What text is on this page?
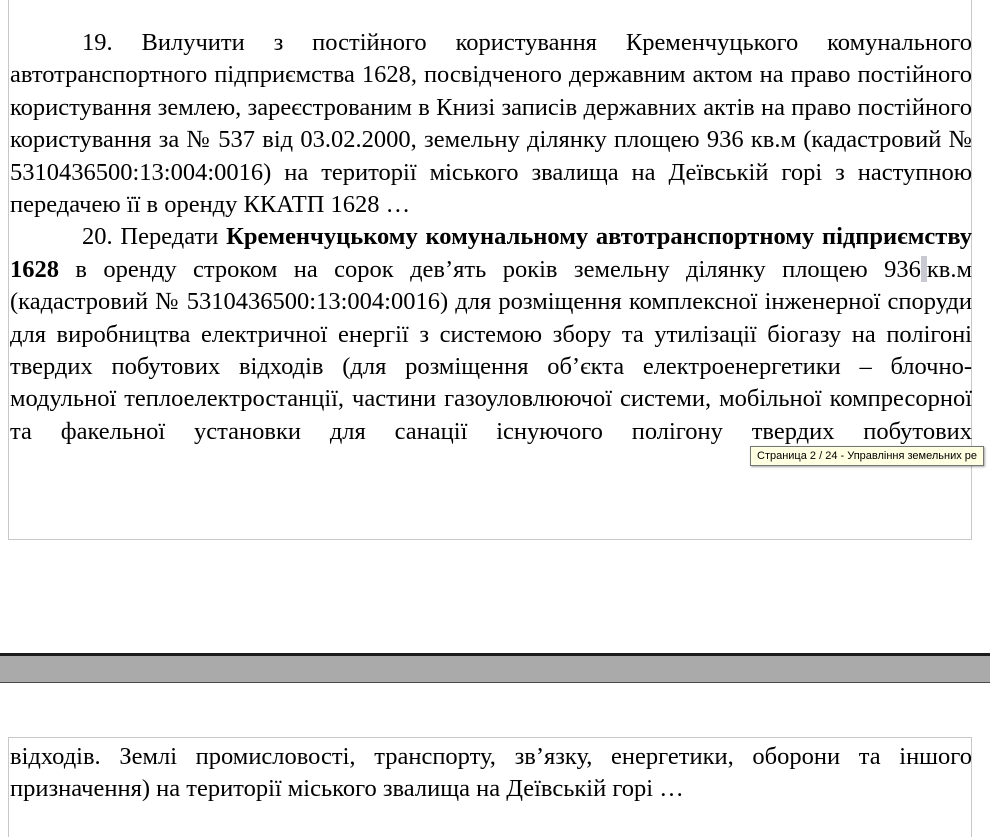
19. Вилучити з постійного користування Кременчуцького комунального автотранспортного підприємства 1628, посвідченого державним актом на право постійного користування землею, зареєстрованим в Книзі записів державних актів на право постійного користування за № 537 від 03.02.2000, земельну ділянку площею 936 кв.м (кадастровий № 5310436500:13:004:0016) на території міського звалища на Деївській горі з наступною передачею її в оренду ККАТП 1628 …

20. Передати Кременчуцькому комунальному автотранспортному підприємству 1628 в оренду строком на сорок дев’ять років земельну ділянку площею 936 кв.м (кадастровий № 5310436500:13:004:0016) для розміщення комплексної інженерної споруди для виробництва електричної енергії з системою збору та утилізації біогазу на полігоні твердих побутових відходів (для розміщення об’єкта електроенергетики – блочно-модульної теплоелектростанції, частини газоуловлюючої системи, мобільної компресорної та факельної установки для санації існуючого полігону твердих побутових

Страница 2 / 24 - Управління земельних ре

відходів. Землі промисловості, транспорту, зв’язку, енергетики, оборони та іншого призначення) на території міського звалища на Деївській горі …
